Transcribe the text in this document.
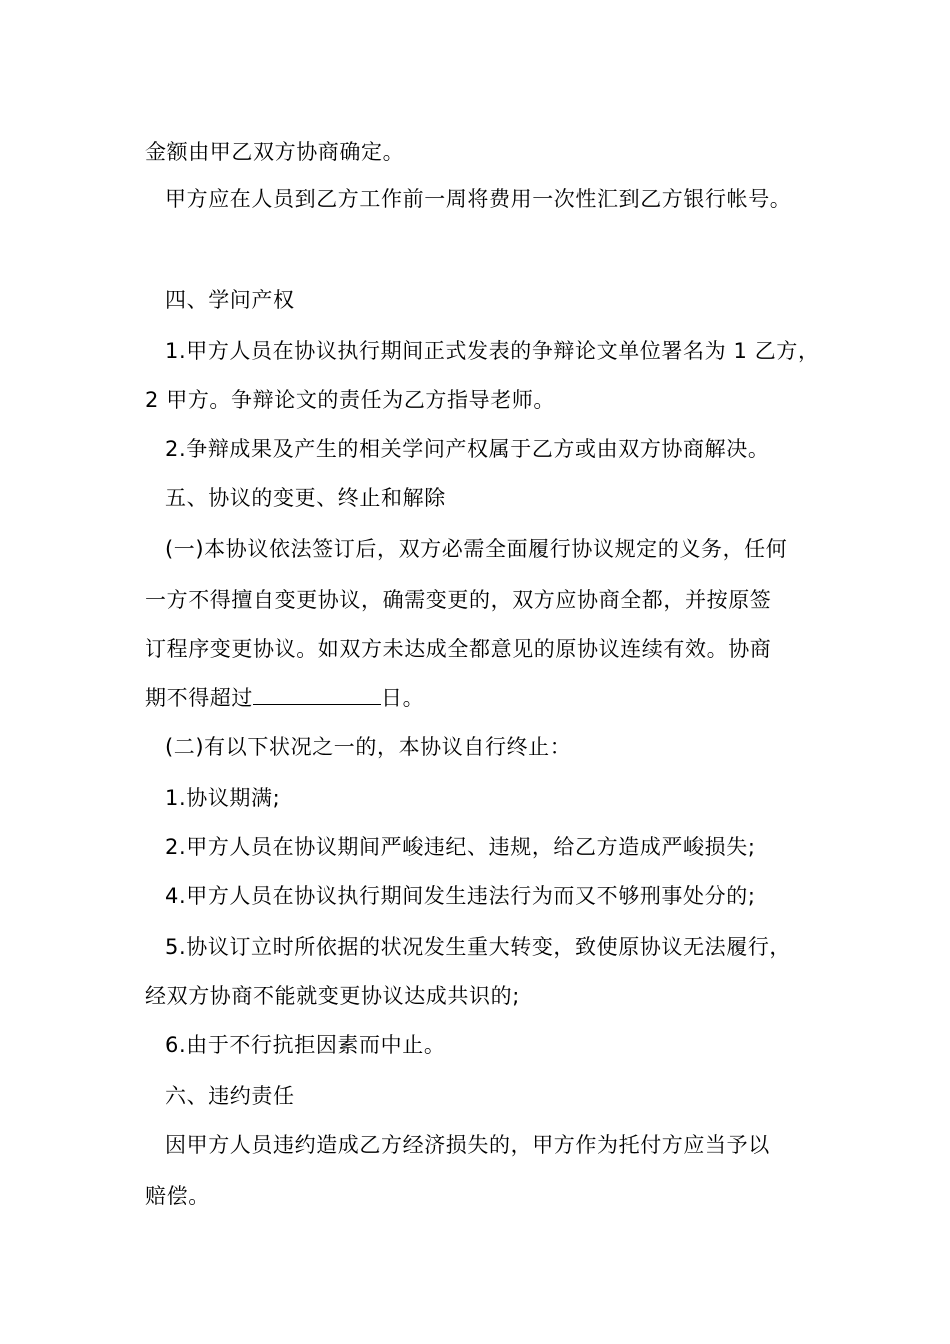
金额由甲乙双方协商确定。

甲方应在人员到乙方工作前一周将费用一次性汇到乙方银行帐号。

四、学问产权

1.甲方人员在协议执行期间正式发表的争辩论文单位署名为 1 乙方，

2 甲方。争辩论文的责任为乙方指导老师。

2.争辩成果及产生的相关学问产权属于乙方或由双方协商解决。

五、协议的变更、终止和解除

(一)本协议依法签订后，双方必需全面履行协议规定的义务，任何

一方不得擅自变更协议，确需变更的，双方应协商全都，并按原签

订程序变更协议。如双方未达成全都意见的原协议连续有效。协商

期不得超过	日。

(二)有以下状况之一的，本协议自行终止：

1.协议期满;

2.甲方人员在协议期间严峻违纪、违规，给乙方造成严峻损失;

4.甲方人员在协议执行期间发生违法行为而又不够刑事处分的;

5.协议订立时所依据的状况发生重大转变，致使原协议无法履行，

经双方协商不能就变更协议达成共识的;

6.由于不行抗拒因素而中止。

六、违约责任

因甲方人员违约造成乙方经济损失的，甲方作为托付方应当予以

赔偿。
